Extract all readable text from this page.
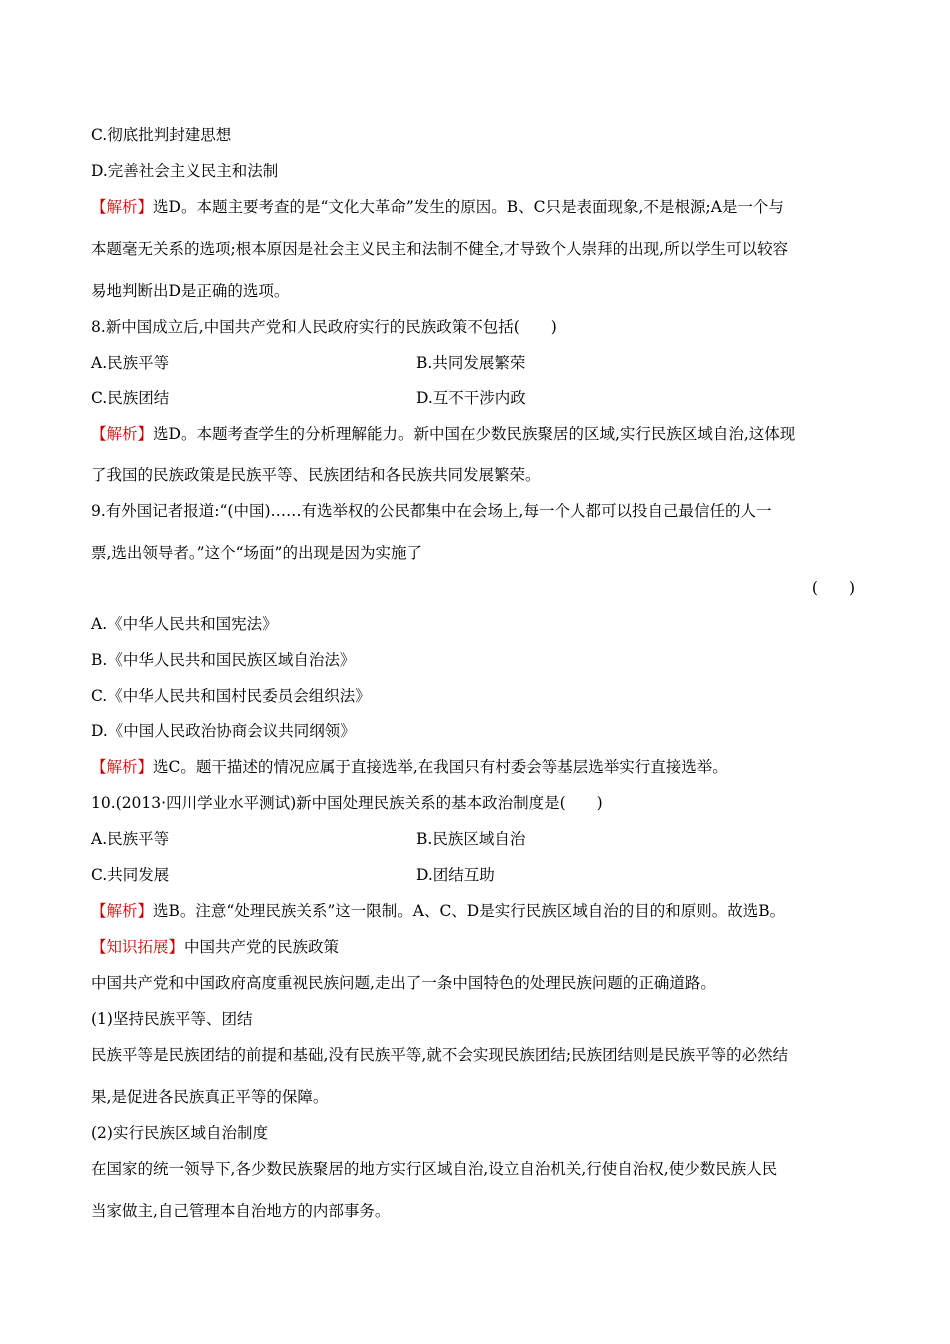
C.彻底批判封建思想
D.完善社会主义民主和法制
【解析】选D。本题主要考查的是“文化大革命”发生的原因。B、C只是表面现象,不是根源;A是一个与
本题毫无关系的选项;根本原因是社会主义民主和法制不健全,才导致个人崇拜的出现,所以学生可以较容
易地判断出D是正确的选项。
8.新中国成立后,中国共产党和人民政府实行的民族政策不包括(　　)
A.民族平等	B.共同发展繁荣
C.民族团结	D.互不干涉内政
【解析】选D。本题考查学生的分析理解能力。新中国在少数民族聚居的区域,实行民族区域自治,这体现
了我国的民族政策是民族平等、民族团结和各民族共同发展繁荣。
9.有外国记者报道:“(中国)……有选举权的公民都集中在会场上,每一个人都可以投自己最信任的人一
票,选出领导者。”这个“场面”的出现是因为实施了
(　　)
A.《中华人民共和国宪法》
B.《中华人民共和国民族区域自治法》
C.《中华人民共和国村民委员会组织法》
D.《中国人民政治协商会议共同纲领》
【解析】选C。题干描述的情况应属于直接选举,在我国只有村委会等基层选举实行直接选举。
10.(2013·四川学业水平测试)新中国处理民族关系的基本政治制度是(　　)
A.民族平等	B.民族区域自治
C.共同发展	D.团结互助
【解析】选B。注意“处理民族关系”这一限制。A、C、D是实行民族区域自治的目的和原则。故选B。
【知识拓展】中国共产党的民族政策
中国共产党和中国政府高度重视民族问题,走出了一条中国特色的处理民族问题的正确道路。
(1)坚持民族平等、团结
民族平等是民族团结的前提和基础,没有民族平等,就不会实现民族团结;民族团结则是民族平等的必然结
果,是促进各民族真正平等的保障。
(2)实行民族区域自治制度
在国家的统一领导下,各少数民族聚居的地方实行区域自治,设立自治机关,行使自治权,使少数民族人民
当家做主,自己管理本自治地方的内部事务。
